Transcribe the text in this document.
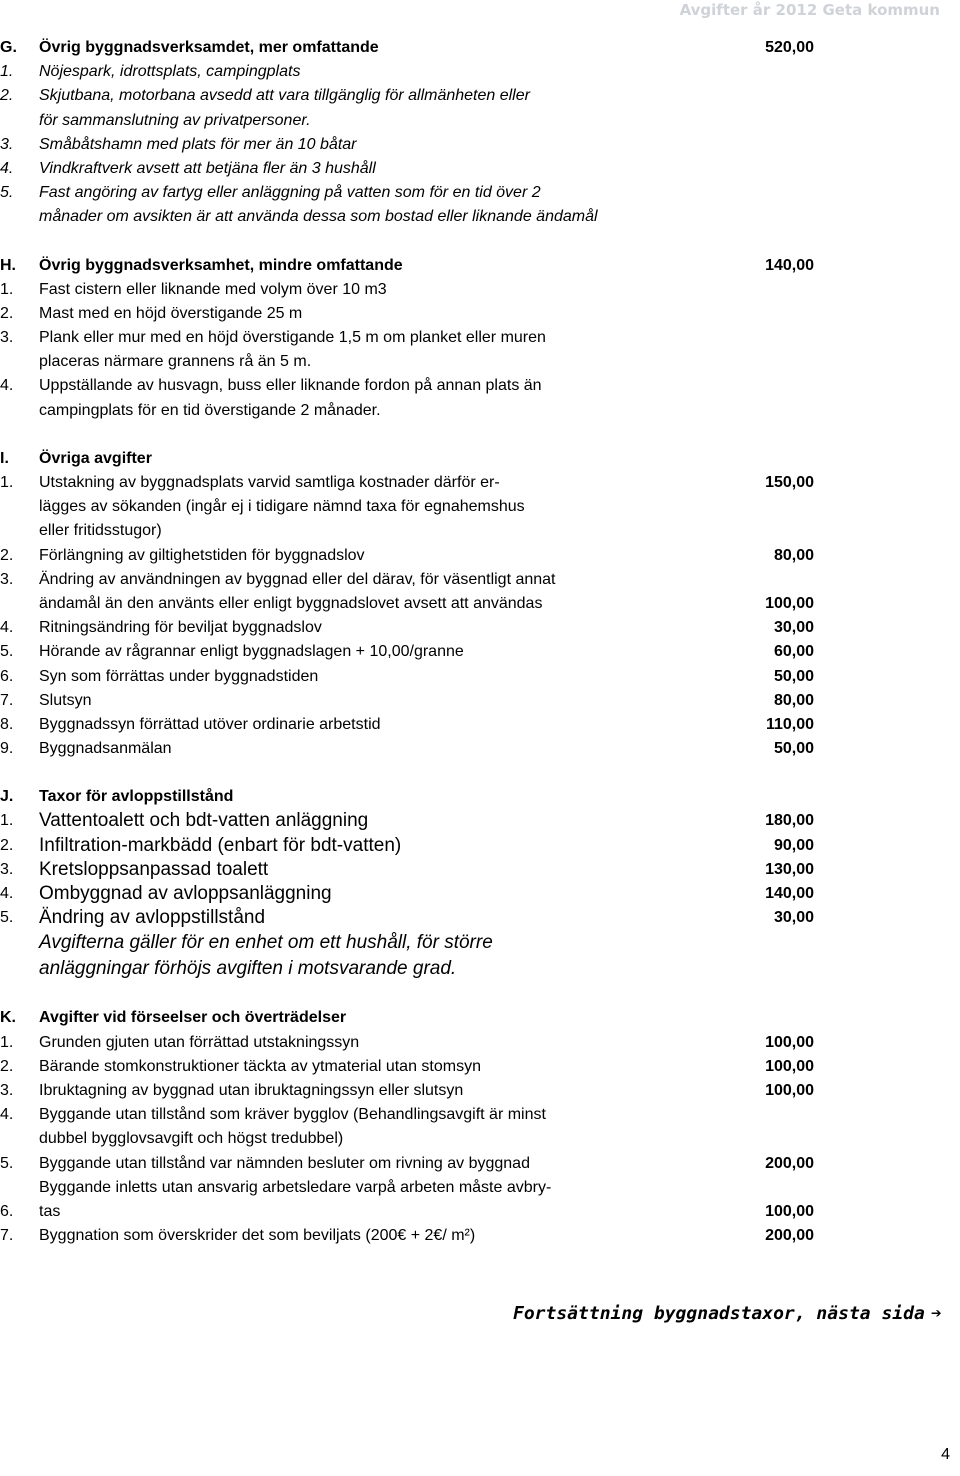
Avgifter år 2012 Geta kommun
G. Övrig byggnadsverksamdet, mer omfattande	520,00
1. Nöjespark, idrottsplats, campingplats
2. Skjutbana, motorbana avsedd att vara tillgänglig för allmänheten eller
för sammanslutning av privatpersoner.
3. Småbåtshamn med plats för mer än 10 båtar
4. Vindkraftverk avsett att betjäna fler än 3 hushåll
5. Fast angöring av fartyg eller anläggning på vatten som för en tid över 2
månader om avsikten är att använda dessa som bostad eller liknande ändamål
H. Övrig byggnadsverksamhet, mindre omfattande	140,00
1. Fast cistern eller liknande med volym över 10 m3
2. Mast med en höjd överstigande 25 m
3. Plank eller mur med en höjd överstigande 1,5 m om planket eller muren
placeras närmare grannens rå än 5 m.
4. Uppställande av husvagn, buss eller liknande fordon på annan plats än
campingplats för en tid överstigande 2 månader.
I. Övriga avgifter
1. Utstakning av byggnadsplats varvid samtliga kostnader därför er-	150,00
lägges av sökanden (ingår ej i tidigare nämnd taxa för egnahemshus
eller fritidsstugor)
2. Förlängning av giltighetstiden för byggnadslov	80,00
3. Ändring av användningen av byggnad eller del därav, för väsentligt annat
ändamål än den använts eller enligt byggnadslovet avsett att användas	100,00
4. Ritningsändring för beviljat byggnadslov	30,00
5. Hörande av rågrannar enligt byggnadslagen + 10,00/granne	60,00
6. Syn som förrättas under byggnadstiden	50,00
7. Slutsyn	80,00
8. Byggnadssyn förrättad utöver ordinarie arbetstid	110,00
9. Byggnadsanmälan	50,00
J. Taxor för avloppstillstånd
1. Vattentoalett och bdt-vatten anläggning	180,00
2. Infiltration-markbädd (enbart för bdt-vatten)	90,00
3. Kretsloppsanpassad toalett	130,00
4. Ombyggnad av avloppsanläggning	140,00
5. Ändring av avloppstillstånd	30,00
Avgifterna gäller för en enhet om ett hushåll, för större
anläggningar förhöjs avgiften i motsvarande grad.
K. Avgifter vid förseelser och överträdelser
1. Grunden gjuten utan förrättad utstakningssyn	100,00
2. Bärande stomkonstruktioner täckta av ytmaterial utan stomsyn	100,00
3. Ibruktagning av byggnad utan ibruktagningssyn eller slutsyn	100,00
4. Byggande utan tillstånd som kräver bygglov (Behandlingsavgift är minst
dubbel bygglovsavgift och högst tredubbel)
5. Byggande utan tillstånd var nämnden besluter om rivning av byggnad	200,00
Byggande inletts utan ansvarig arbetsledare varpå arbeten måste avbry-
6. tas	100,00
7. Byggnation som överskrider det som beviljats (200€ + 2€/ m²)	200,00
Fortsättning byggnadstaxor, nästa sida ➔
4
